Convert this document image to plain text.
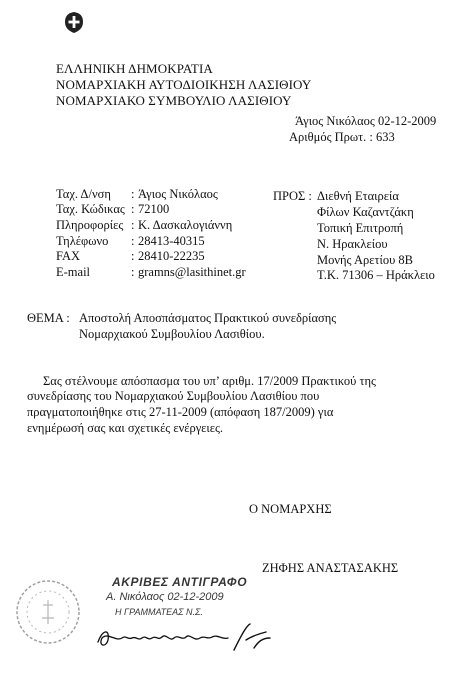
ΕΛΛΗΝΙΚΗ ΔΗΜΟΚΡΑΤΙΑ
ΝΟΜΑΡΧΙΑΚΗ ΑΥΤΟΔΙΟΙΚΗΣΗ ΛΑΣΙΘΙΟΥ
ΝΟΜΑΡΧΙΑΚΟ ΣΥΜΒΟΥΛΙΟ ΛΑΣΙΘΙΟΥ
Άγιος Νικόλαος 02-12-2009
Αριθμός Πρωτ. : 633
Ταχ. Δ/νση : Άγιος Νικόλαος
Ταχ. Κώδικας : 72100
Πληροφορίες : Κ. Δασκαλογιάννη
Τηλέφωνο : 28413-40315
FAX	: 28410-22235
E-mail	: gramns@lasithinet.gr
ΠΡΟΣ : Διεθνή Εταιρεία
Φίλων Καζαντζάκη
Τοπική Επιτροπή
Ν. Ηρακλείου
Μονής Αρετίου 8Β
Τ.Κ. 71306 – Ηράκλειο
ΘΕΜΑ : Αποστολή Αποσπάσματος Πρακτικού συνεδρίασης
Νομαρχιακού Συμβουλίου Λασιθίου.
Σας στέλνουμε απόσπασμα του υπ’ αριθμ. 17/2009 Πρακτικού της
συνεδρίασης του Νομαρχιακού Συμβουλίου Λασιθίου που
πραγματοποιήθηκε στις 27-11-2009 (απόφαση 187/2009) για
ενημέρωσή σας και σχετικές ενέργειες.
Ο ΝΟΜΑΡΧΗΣ
ΖΗΦΗΣ ΑΝΑΣΤΑΣΑΚΗΣ
ΑΚΡΙΒΕΣ ΑΝΤΙΓΡΑΦΟ
Α. Νικόλαος 02-12-2009
Η ΓΡΑΜΜΑΤΕΑΣ Ν.Σ.
